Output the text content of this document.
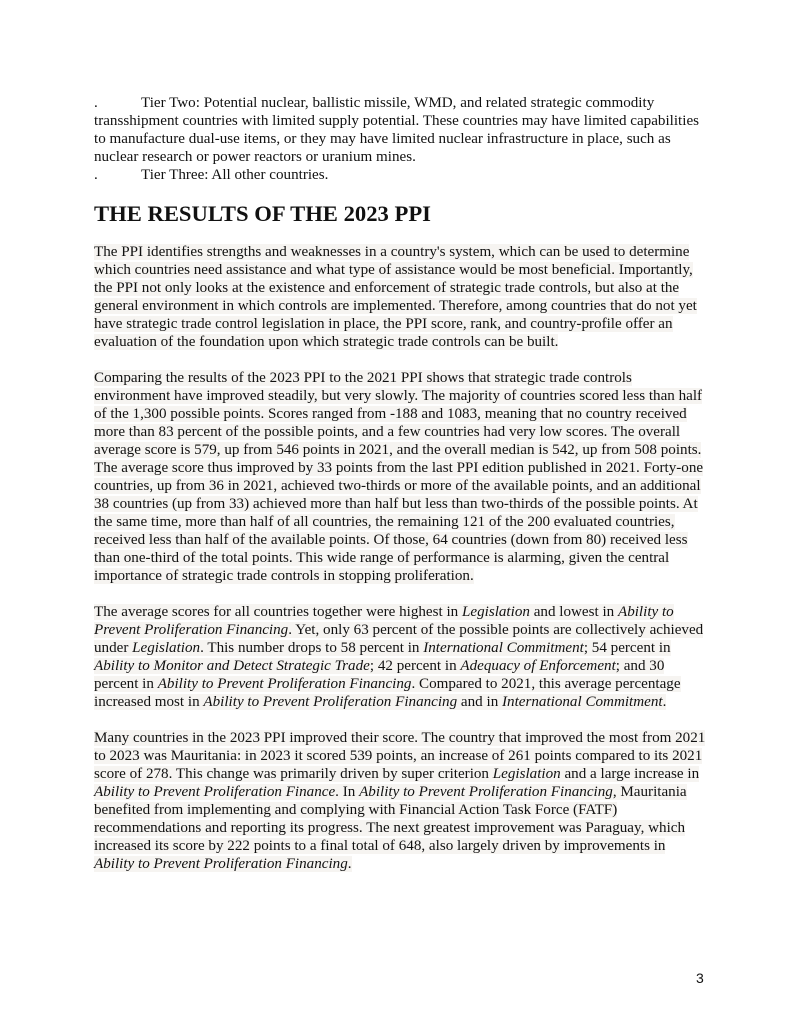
.	Tier Two: Potential nuclear, ballistic missile, WMD, and related strategic commodity
transshipment countries with limited supply potential. These countries may have limited capabilities to manufacture dual-use items, or they may have limited nuclear infrastructure in place, such as nuclear research or power reactors or uranium mines.
.	Tier Three: All other countries.
THE RESULTS OF THE 2023 PPI

The PPI identifies strengths and weaknesses in a country's system, which can be used to determine which countries need assistance and what type of assistance would be most beneficial. Importantly, the PPI not only looks at the existence and enforcement of strategic trade controls, but also at the general environment in which controls are implemented. Therefore, among countries that do not yet have strategic trade control legislation in place, the PPI score, rank, and country-profile offer an evaluation of the foundation upon which strategic trade controls can be built.

Comparing the results of the 2023 PPI to the 2021 PPI shows that strategic trade controls environment have improved steadily, but very slowly. The majority of countries scored less than half of the 1,300 possible points. Scores ranged from -188 and 1083, meaning that no country received more than 83 percent of the possible points, and a few countries had very low scores. The overall average score is 579, up from 546 points in 2021, and the overall median is 542, up from 508 points. The average score thus improved by 33 points from the last PPI edition published in 2021. Forty-one countries, up from 36 in 2021, achieved two-thirds or more of the available points, and an additional 38 countries (up from 33) achieved more than half but less than two-thirds of the possible points. At the same time, more than half of all countries, the remaining 121 of the 200 evaluated countries, received less than half of the available points. Of those, 64 countries (down from 80) received less than one-third of the total points. This wide range of performance is alarming, given the central importance of strategic trade controls in stopping proliferation.

The average scores for all countries together were highest in Legislation and lowest in Ability to Prevent Proliferation Financing. Yet, only 63 percent of the possible points are collectively achieved under Legislation. This number drops to 58 percent in International Commitment; 54 percent in Ability to Monitor and Detect Strategic Trade; 42 percent in Adequacy of Enforcement; and 30 percent in Ability to Prevent Proliferation Financing. Compared to 2021, this average percentage increased most in Ability to Prevent Proliferation Financing and in International Commitment.

Many countries in the 2023 PPI improved their score. The country that improved the most from 2021 to 2023 was Mauritania: in 2023 it scored 539 points, an increase of 261 points compared to its 2021 score of 278. This change was primarily driven by super criterion Legislation and a large increase in Ability to Prevent Proliferation Finance. In Ability to Prevent Proliferation Financing, Mauritania benefited from implementing and complying with Financial Action Task Force (FATF) recommendations and reporting its progress. The next greatest improvement was Paraguay, which increased its score by 222 points to a final total of 648, also largely driven by improvements in Ability to Prevent Proliferation Financing.

3
